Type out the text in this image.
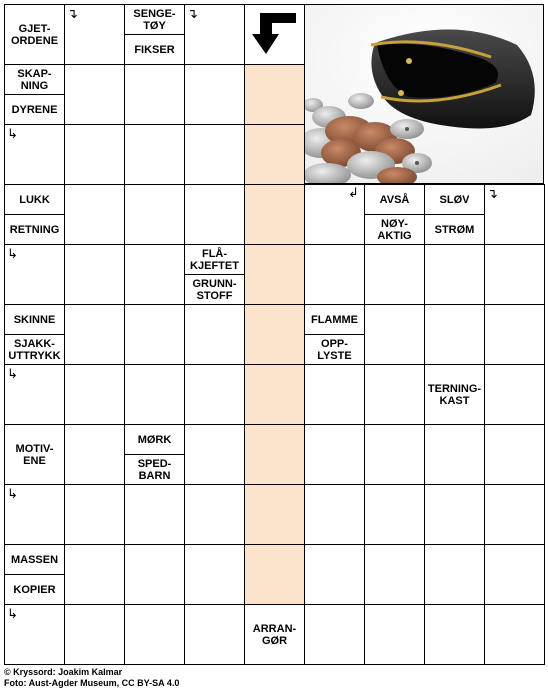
GJET-
ORDENE
SENGE-
TØY
FIKSER
SKAP-
NING
DYRENE
LUKK
RETNING
AVSÅ
NØY-
AKTIG
SLØV
STRØM
FLÅ-
KJEFTET
GRUNN-
STOFF
SKINNE
SJAKK-
UTTRYKK
FLAMME
OPP-
LYSTE
TERNING-
KAST
MOTIV-
ENE
MØRK
SPED-
BARN
MASSEN
KOPIER
ARRAN-
GØR
↴	↴
↳
↳
↳
↳
↳
↲	↴
© Kryssord: Joakim Kalmar
Foto: Aust-Agder Museum, CC BY-SA 4.0
